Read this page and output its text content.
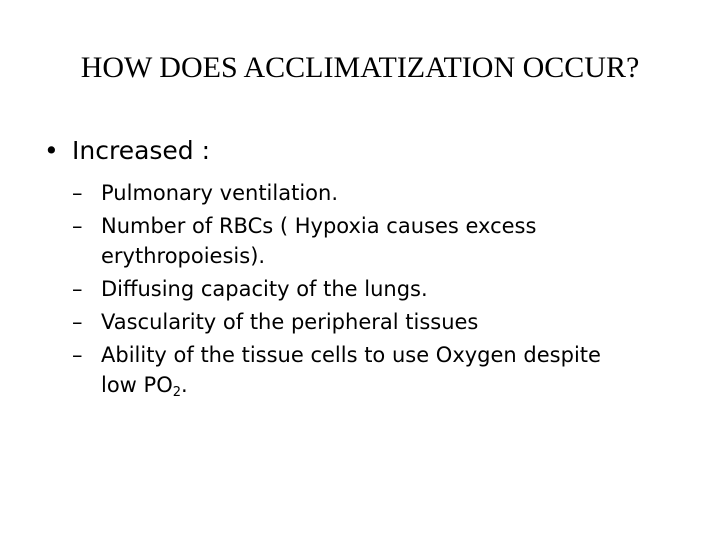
HOW DOES ACCLIMATIZATION OCCUR?
• Increased :
– Pulmonary ventilation.
– Number of RBCs ( Hypoxia causes excess
erythropoiesis).
– Diffusing capacity of the lungs.
– Vascularity of the peripheral tissues
– Ability of the tissue cells to use Oxygen despite
low $PO_2$.
